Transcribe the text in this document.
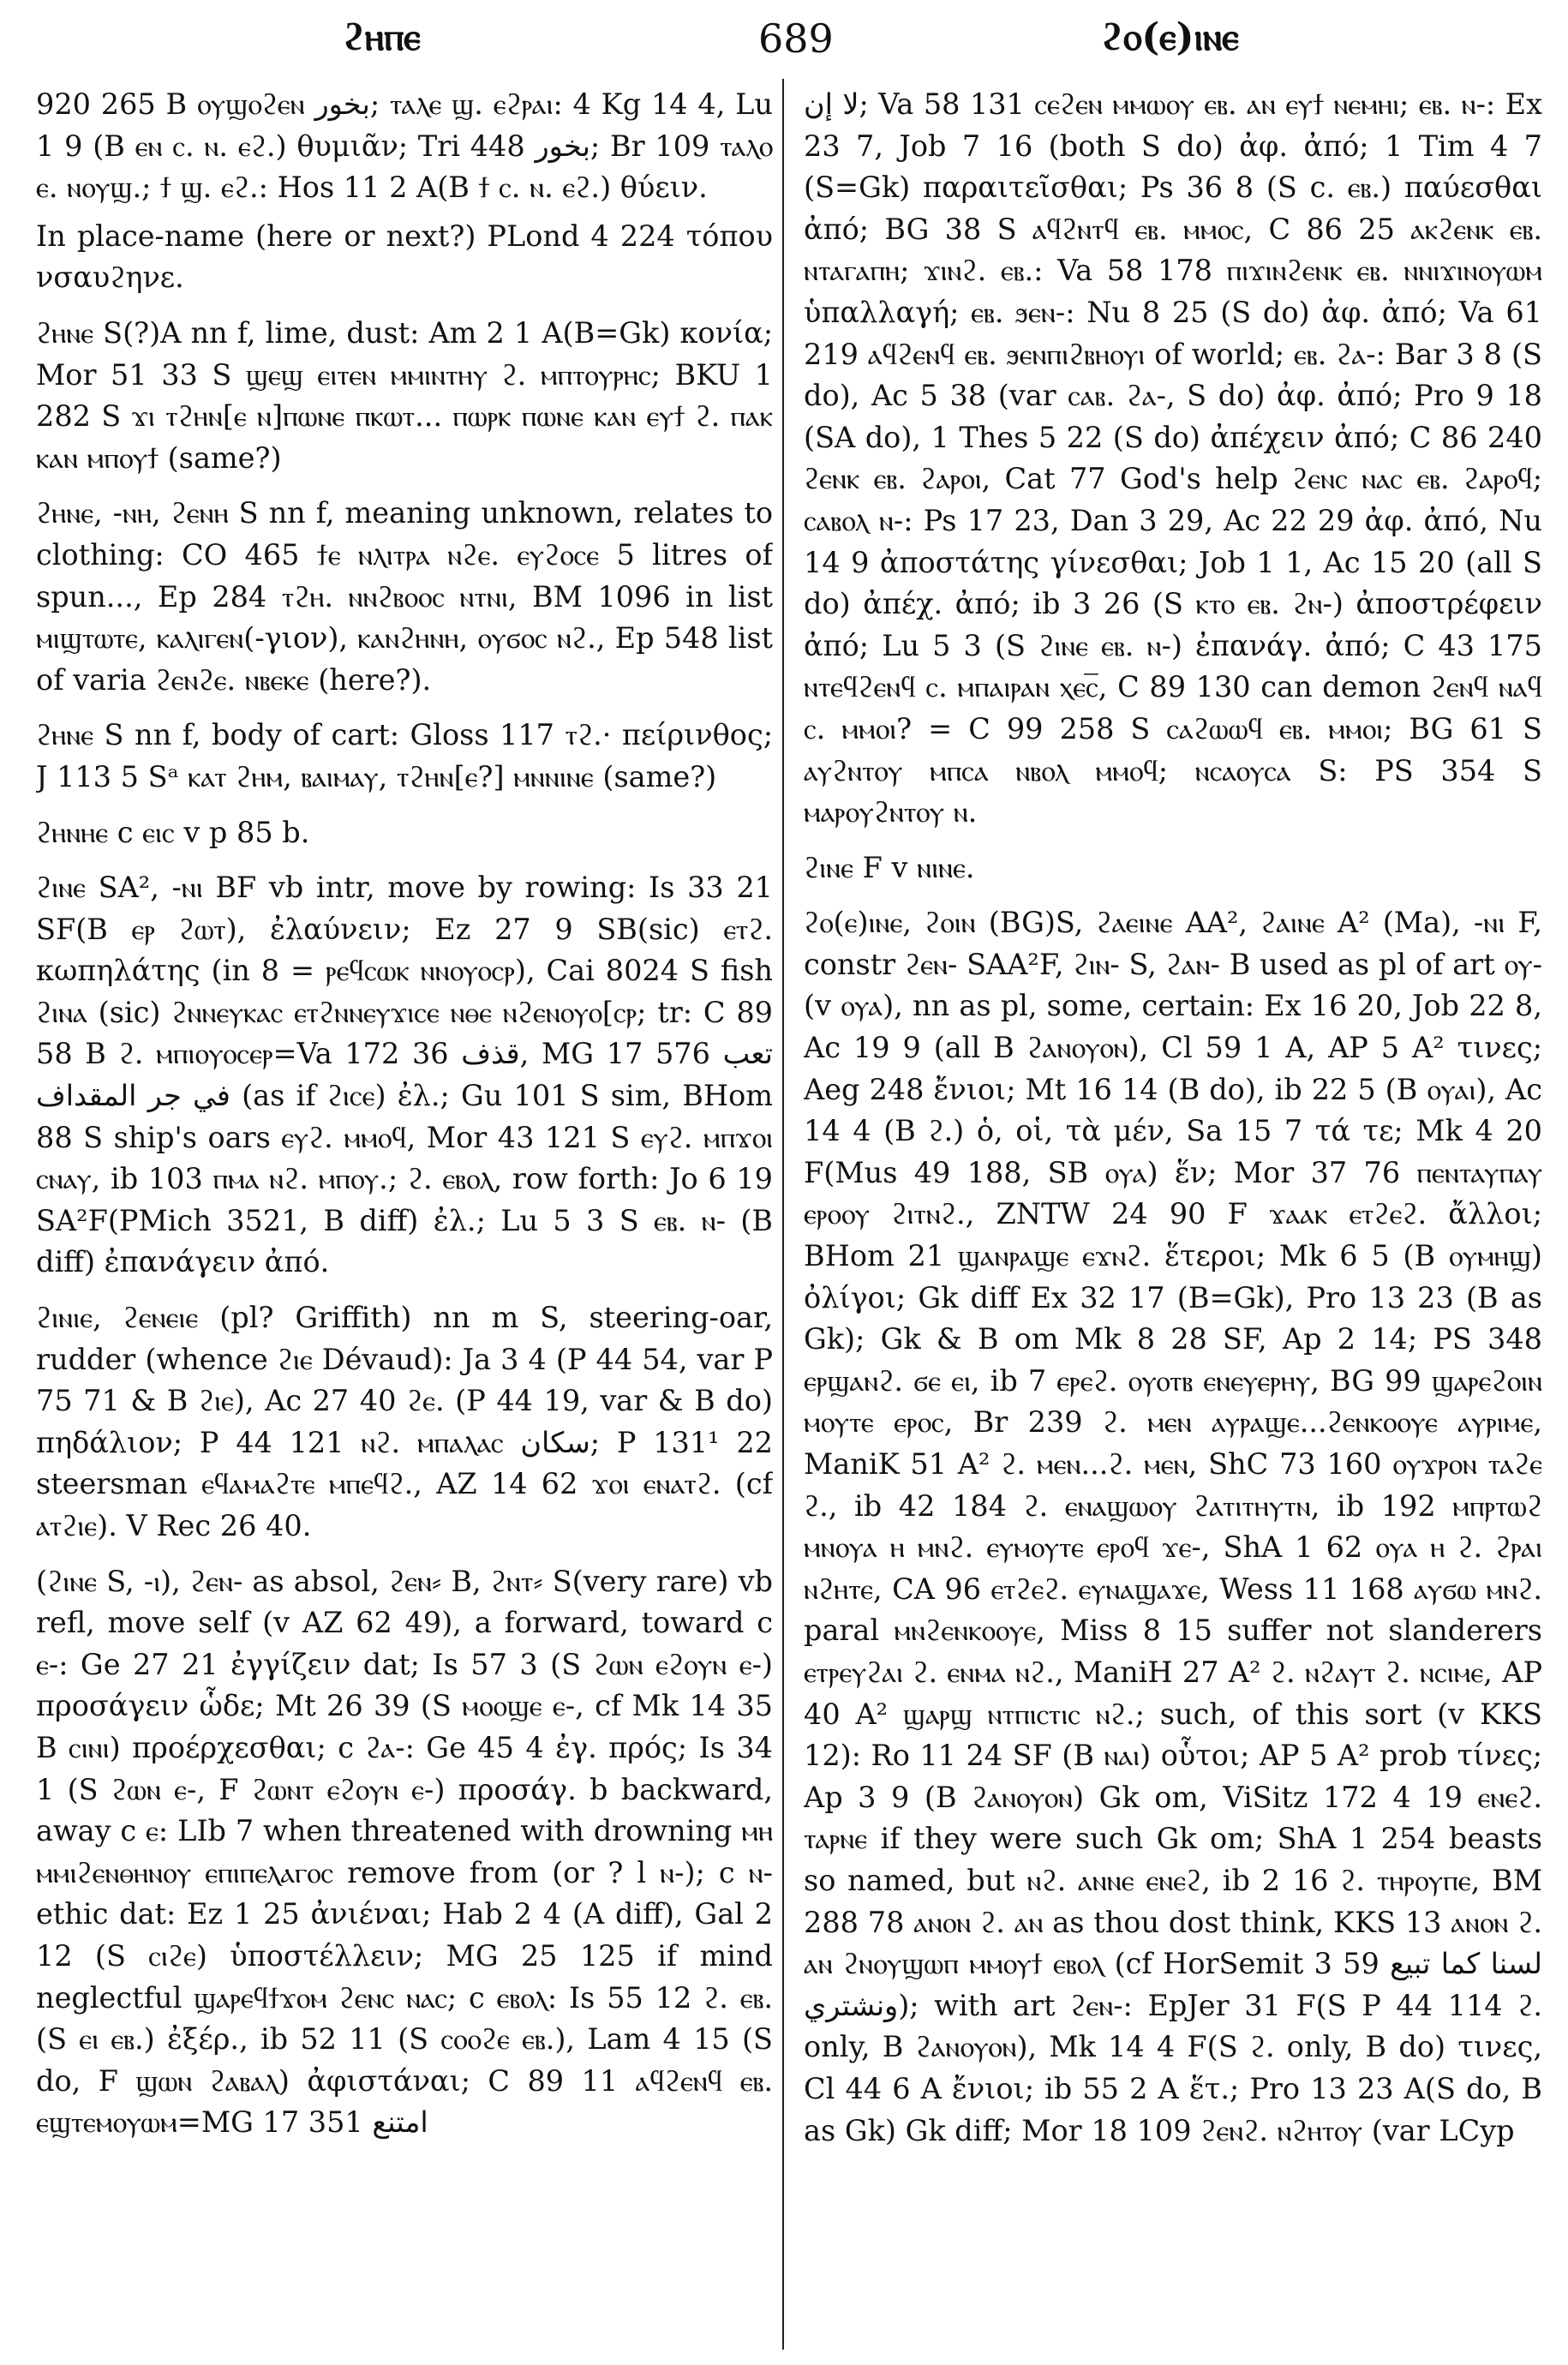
ϩⲏⲡⲉ	689	ϩⲟ(ⲉ)ⲓⲛⲉ

920 265 B ⲟⲩϣⲟϩⲉⲛ بخور; ⲧⲁⲗⲉ ϣ. ⲉϩⲣⲁⲓ: 4 Kg 14 4, Lu 1 9 (B ⲉⲛ ⲥ. ⲛ. ⲉϩ.) θυμιᾶν; Tri 448 بخور; Br 109 ⲧⲁⲗⲟ ⲉ. ⲛⲟⲩϣ.; ϯ ϣ. ⲉϩ.: Hos 11 2 A(B ϯ ⲥ. ⲛ. ⲉϩ.) θύειν.

In place-name (here or next?) PLond 4 224 τόπου νσαυϩηνε.

ϩⲏⲛⲉ S(?)A nn f, lime, dust: Am 2 1 A(B=Gk) κονία; Mor 51 33 S ϣⲉϣ ⲉⲓⲧⲉⲛ ⲙⲙⲓⲛⲧⲏⲩ ϩ. ⲙⲡⲧⲟⲩⲣⲏⲥ; BKU 1 282 S ϫⲓ ⲧϩⲏⲛ[ⲉ ⲛ]ⲡⲱⲛⲉ ⲡⲕⲱⲧ... ⲡⲱⲣⲕ ⲡⲱⲛⲉ ⲕⲁⲛ ⲉⲩϯ ϩ. ⲡⲁⲕ ⲕⲁⲛ ⲙⲡⲟⲩϯ (same?)

ϩⲏⲛⲉ, -ⲛⲏ, ϩⲉⲛⲏ S nn f, meaning unknown, relates to clothing: CO 465 ϯⲉ ⲛⲗⲓⲧⲣⲁ ⲛϩⲉ. ⲉⲩϩⲟⲥⲉ 5 litres of spun..., Ep 284 ⲧϩⲏ. ⲛⲛϩⲃⲟⲟⲥ ⲛⲧⲛⲓ, BM 1096 in list ⲙⲓϣⲧⲱⲧⲉ, ⲕⲁⲗⲓⲅⲉⲛ(-γιον), ⲕⲁⲛϩⲏⲛⲏ, ⲟⲩϭⲟⲥ ⲛϩ., Ep 548 list of varia ϩⲉⲛϩⲉ. ⲛⲃⲉⲕⲉ (here?).

ϩⲏⲛⲉ S nn f, body of cart: Gloss 117 ⲧϩ.· πείρινθος; J 113 5 Sᵃ ⲕⲁⲧ ϩⲏⲙ, ⲃⲁⲓⲙⲁⲩ, ⲧϩⲏⲛ[ⲉ?] ⲙⲛⲛⲓⲛⲉ (same?)

ϩⲏⲛⲏⲉ c ⲉⲓⲥ v p 85 b.

ϩⲓⲛⲉ SA², -ⲛⲓ BF vb intr, move by rowing: Is 33 21 SF(B ⲉⲣ ϩⲱⲧ), ἐλαύνειν; Ez 27 9 SB(sic) ⲉⲧϩ. κωπηλάτης (in 8 = ⲣⲉϥⲥⲱⲕ ⲛⲛⲟⲩⲟⲥⲣ), Cai 8024 S fish ϩⲓⲛⲁ (sic) ϩⲛⲛⲉⲩⲕⲁⲥ ⲉⲧϩⲛⲛⲉⲩϫⲓⲥⲉ ⲛⲑⲉ ⲛϩⲉⲛⲟⲩⲟ[ⲥⲣ; tr: C 89 58 B ϩ. ⲙⲡⲓⲟⲩⲟⲥⲉⲣ=Va 172 36 قذف, MG 17 576 تعب في جر المقداف (as if ϩⲓⲥⲉ) ἐλ.; Gu 101 S sim, BHom 88 S ship's oars ⲉⲩϩ. ⲙⲙⲟϥ, Mor 43 121 S ⲉⲩϩ. ⲙⲡϫⲟⲓ ⲥⲛⲁⲩ, ib 103 ⲡⲙⲁ ⲛϩ. ⲙⲡⲟⲩ.; ϩ. ⲉⲃⲟⲗ, row forth: Jo 6 19 SA²F(PMich 3521, B diff) ἐλ.; Lu 5 3 S ⲉⲃ. ⲛ- (B diff) ἐπανάγειν ἀπό.

ϩⲓⲛⲓⲉ, ϩⲉⲛⲉⲓⲉ (pl? Griffith) nn m S, steering-oar, rudder (whence ϩⲓⲉ Dévaud): Ja 3 4 (P 44 54, var P 75 71 & B ϩⲓⲉ), Ac 27 40 ϩⲉ. (P 44 19, var & B do) πηδάλιον; P 44 121 ⲛϩ. ⲙⲡⲁⲗⲁⲥ سكان; P 131¹ 22 steersman ⲉϥⲁⲙⲁϩⲧⲉ ⲙⲡⲉϥϩ., AZ 14 62 ϫⲟⲓ ⲉⲛⲁⲧϩ. (cf ⲁⲧϩⲓⲉ). V Rec 26 40.

(ϩⲓⲛⲉ S, -ⲓ), ϩⲉⲛ- as absol, ϩⲉⲛ⸗ B, ϩⲛⲧ⸗ S(very rare) vb refl, move self (v AZ 62 49), a forward, toward c ⲉ-: Ge 27 21 ἐγγίζειν dat; Is 57 3 (S ϩⲱⲛ ⲉϩⲟⲩⲛ ⲉ-) προσάγειν ὧδε; Mt 26 39 (S ⲙⲟⲟϣⲉ ⲉ-, cf Mk 14 35 B ⲥⲓⲛⲓ) προέρχεσθαι; c ϩⲁ-: Ge 45 4 ἐγ. πρός; Is 34 1 (S ϩⲱⲛ ⲉ-, F ϩⲱⲛⲧ ⲉϩⲟⲩⲛ ⲉ-) προσάγ. b backward, away c ⲉ: LIb 7 when threatened with drowning ⲙⲏ ⲙⲙⲓϩⲉⲛⲑⲏⲛⲟⲩ ⲉⲡⲓⲡⲉⲗⲁⲅⲟⲥ remove from (or ? l ⲛ-); c ⲛ- ethic dat: Ez 1 25 ἀνιέναι; Hab 2 4 (A diff), Gal 2 12 (S ⲥⲓϩⲉ) ὑποστέλλειν; MG 25 125 if mind neglectful ϣⲁⲣⲉϥϯϫⲟⲙ ϩⲉⲛⲥ ⲛⲁⲥ; c ⲉⲃⲟⲗ: Is 55 12 ϩ. ⲉⲃ. (S ⲉⲓ ⲉⲃ.) ἐξέρ., ib 52 11 (S ⲥⲟⲟϩⲉ ⲉⲃ.), Lam 4 15 (S do, F ϣⲱⲛ ϩⲁⲃⲁⲗ) ἀφιστάναι; C 89 11 ⲁϥϩⲉⲛϥ ⲉⲃ. ⲉϣⲧⲉⲙⲟⲩⲱⲙ=MG 17 351 امتنع

لا إن; Va 58 131 ⲥⲉϩⲉⲛ ⲙⲙⲱⲟⲩ ⲉⲃ. ⲁⲛ ⲉⲩϯ ⲛⲉⲙⲏⲓ; ⲉⲃ. ⲛ-: Ex 23 7, Job 7 16 (both S do) ἀφ. ἀπό; 1 Tim 4 7 (S=Gk) παραιτεῖσθαι; Ps 36 8 (S c. ⲉⲃ.) παύεσθαι ἀπό; BG 38 S ⲁϥϩⲛⲧϥ ⲉⲃ. ⲙⲙⲟⲥ, C 86 25 ⲁⲕϩⲉⲛⲕ ⲉⲃ. ⲛⲧⲁⲅⲁⲡⲏ; ϫⲓⲛϩ. ⲉⲃ.: Va 58 178 ⲡⲓϫⲓⲛϩⲉⲛⲕ ⲉⲃ. ⲛⲛⲓϫⲓⲛⲟⲩⲱⲙ ὑπαλλαγή; ⲉⲃ. ϧⲉⲛ-: Nu 8 25 (S do) ἀφ. ἀπό; Va 61 219 ⲁϥϩⲉⲛϥ ⲉⲃ. ϧⲉⲛⲡⲓϩⲃⲏⲟⲩⲓ of world; ⲉⲃ. ϩⲁ-: Bar 3 8 (S do), Ac 5 38 (var ⲥⲁⲃ. ϩⲁ-, S do) ἀφ. ἀπό; Pro 9 18 (SA do), 1 Thes 5 22 (S do) ἀπέχειν ἀπό; C 86 240 ϩⲉⲛⲕ ⲉⲃ. ϩⲁⲣⲟⲓ, Cat 77 God's help ϩⲉⲛⲥ ⲛⲁⲥ ⲉⲃ. ϩⲁⲣⲟϥ; ⲥⲁⲃⲟⲗ ⲛ-: Ps 17 23, Dan 3 29, Ac 22 29 ἀφ. ἀπό, Nu 14 9 ἀποστάτης γίνεσθαι; Job 1 1, Ac 15 20 (all S do) ἀπέχ. ἀπό; ib 3 26 (S ⲕⲧⲟ ⲉⲃ. ϩⲛ-) ἀποστρέφειν ἀπό; Lu 5 3 (S ϩⲓⲛⲉ ⲉⲃ. ⲛ-) ἐπανάγ. ἀπό; C 43 175 ⲛⲧⲉϥϩⲉⲛϥ ⲥ. ⲙⲡⲁⲓⲣⲁⲛ ⲭⲉⲥ̅, C 89 130 can demon ϩⲉⲛϥ ⲛⲁϥ ⲥ. ⲙⲙⲟⲓ? = C 99 258 S ⲥⲁϩⲱⲱϥ ⲉⲃ. ⲙⲙⲟⲓ; BG 61 S ⲁⲩϩⲛⲧⲟⲩ ⲙⲡⲥⲁ ⲛⲃⲟⲗ ⲙⲙⲟϥ; ⲛⲥⲁⲟⲩⲥⲁ S: PS 354 S ⲙⲁⲣⲟⲩϩⲛⲧⲟⲩ ⲛ.

ϩⲓⲛⲉ F v ⲛⲓⲛⲉ.

ϩⲟ(ⲉ)ⲓⲛⲉ, ϩⲟⲓⲛ (BG)S, ϩⲁⲉⲓⲛⲉ AA², ϩⲁⲓⲛⲉ A² (Ma), -ⲛⲓ F, constr ϩⲉⲛ- SAA²F, ϩⲓⲛ- S, ϩⲁⲛ- B used as pl of art ⲟⲩ- (v ⲟⲩⲁ), nn as pl, some, certain: Ex 16 20, Job 22 8, Ac 19 9 (all B ϩⲁⲛⲟⲩⲟⲛ), Cl 59 1 A, AP 5 A² τινες; Aeg 248 ἔνιοι; Mt 16 14 (B do), ib 22 5 (B ⲟⲩⲁⲓ), Ac 14 4 (B ϩ.) ὁ, οἱ, τὰ μέν, Sa 15 7 τά τε; Mk 4 20 F(Mus 49 188, SB ⲟⲩⲁ) ἕν; Mor 37 76 ⲡⲉⲛⲧⲁⲩⲡⲁⲩ ⲉⲣⲟⲟⲩ ϩⲓⲧⲛϩ., ZNTW 24 90 F ϫⲁⲁⲕ ⲉⲧϩⲉϩ. ἄλλοι; BHom 21 ϣⲁⲛⲣⲁϣⲉ ⲉϫⲛϩ. ἕτεροι; Mk 6 5 (B ⲟⲩⲙⲏϣ) ὀλίγοι; Gk diff Ex 32 17 (B=Gk), Pro 13 23 (B as Gk); Gk & B om Mk 8 28 SF, Ap 2 14; PS 348 ⲉⲣϣⲁⲛϩ. ϭⲉ ⲉⲓ, ib 7 ⲉⲣⲉϩ. ⲟⲩⲟⲧⲃ ⲉⲛⲉⲩⲉⲣⲏⲩ, BG 99 ϣⲁⲣⲉϩⲟⲓⲛ ⲙⲟⲩⲧⲉ ⲉⲣⲟⲥ, Br 239 ϩ. ⲙⲉⲛ ⲁⲩⲣⲁϣⲉ...ϩⲉⲛⲕⲟⲟⲩⲉ ⲁⲩⲣⲓⲙⲉ, ManiK 51 A² ϩ. ⲙⲉⲛ...ϩ. ⲙⲉⲛ, ShC 73 160 ⲟⲩϫⲣⲟⲛ ⲧⲁϩⲉ ϩ., ib 42 184 ϩ. ⲉⲛⲁϣⲱⲟⲩ ϩⲁⲧⲓⲧⲏⲩⲧⲛ, ib 192 ⲙⲡⲣⲧⲱϩ ⲙⲛⲟⲩⲁ ⲏ ⲙⲛϩ. ⲉⲩⲙⲟⲩⲧⲉ ⲉⲣⲟϥ ϫⲉ-, ShA 1 62 ⲟⲩⲁ ⲏ ϩ. ϩⲣⲁⲓ ⲛϩⲏⲧⲉ, CA 96 ⲉⲧϩⲉϩ. ⲉⲩⲛⲁϣⲁϫⲉ, Wess 11 168 ⲁⲩϭⲱ ⲙⲛϩ. paral ⲙⲛϩⲉⲛⲕⲟⲟⲩⲉ, Miss 8 15 suffer not slanderers ⲉⲧⲣⲉⲩϩⲁⲓ ϩ. ⲉⲛⲙⲁ ⲛϩ., ManiH 27 A² ϩ. ⲛϩⲁⲩⲧ ϩ. ⲛⲥⲓⲙⲉ, AP 40 A² ϣⲁⲣϣ ⲛⲧⲡⲓⲥⲧⲓⲥ ⲛϩ.; such, of this sort (v KKS 12): Ro 11 24 SF (B ⲛⲁⲓ) οὗτοι; AP 5 A² prob τίνες; Ap 3 9 (B ϩⲁⲛⲟⲩⲟⲛ) Gk om, ViSitz 172 4 19 ⲉⲛⲉϩ. ⲧⲁⲣⲛⲉ if they were such Gk om; ShA 1 254 beasts so named, but ⲛϩ. ⲁⲛⲛⲉ ⲉⲛⲉϩ, ib 2 16 ϩ. ⲧⲏⲣⲟⲩⲡⲉ, BM 288 78 ⲁⲛⲟⲛ ϩ. ⲁⲛ as thou dost think, KKS 13 ⲁⲛⲟⲛ ϩ. ⲁⲛ ϩⲛⲟⲩϣⲱⲡ ⲙⲙⲟⲩϯ ⲉⲃⲟⲗ (cf HorSemit 3 59 لسنا كما تبيع ونشتري); with art ϩⲉⲛ-: EpJer 31 F(S P 44 114 ϩ. only, B ϩⲁⲛⲟⲩⲟⲛ), Mk 14 4 F(S ϩ. only, B do) τινες, Cl 44 6 A ἔνιοι; ib 55 2 A ἕτ.; Pro 13 23 A(S do, B as Gk) Gk diff; Mor 18 109 ϩⲉⲛϩ. ⲛϩⲏⲧⲟⲩ (var LCyp
